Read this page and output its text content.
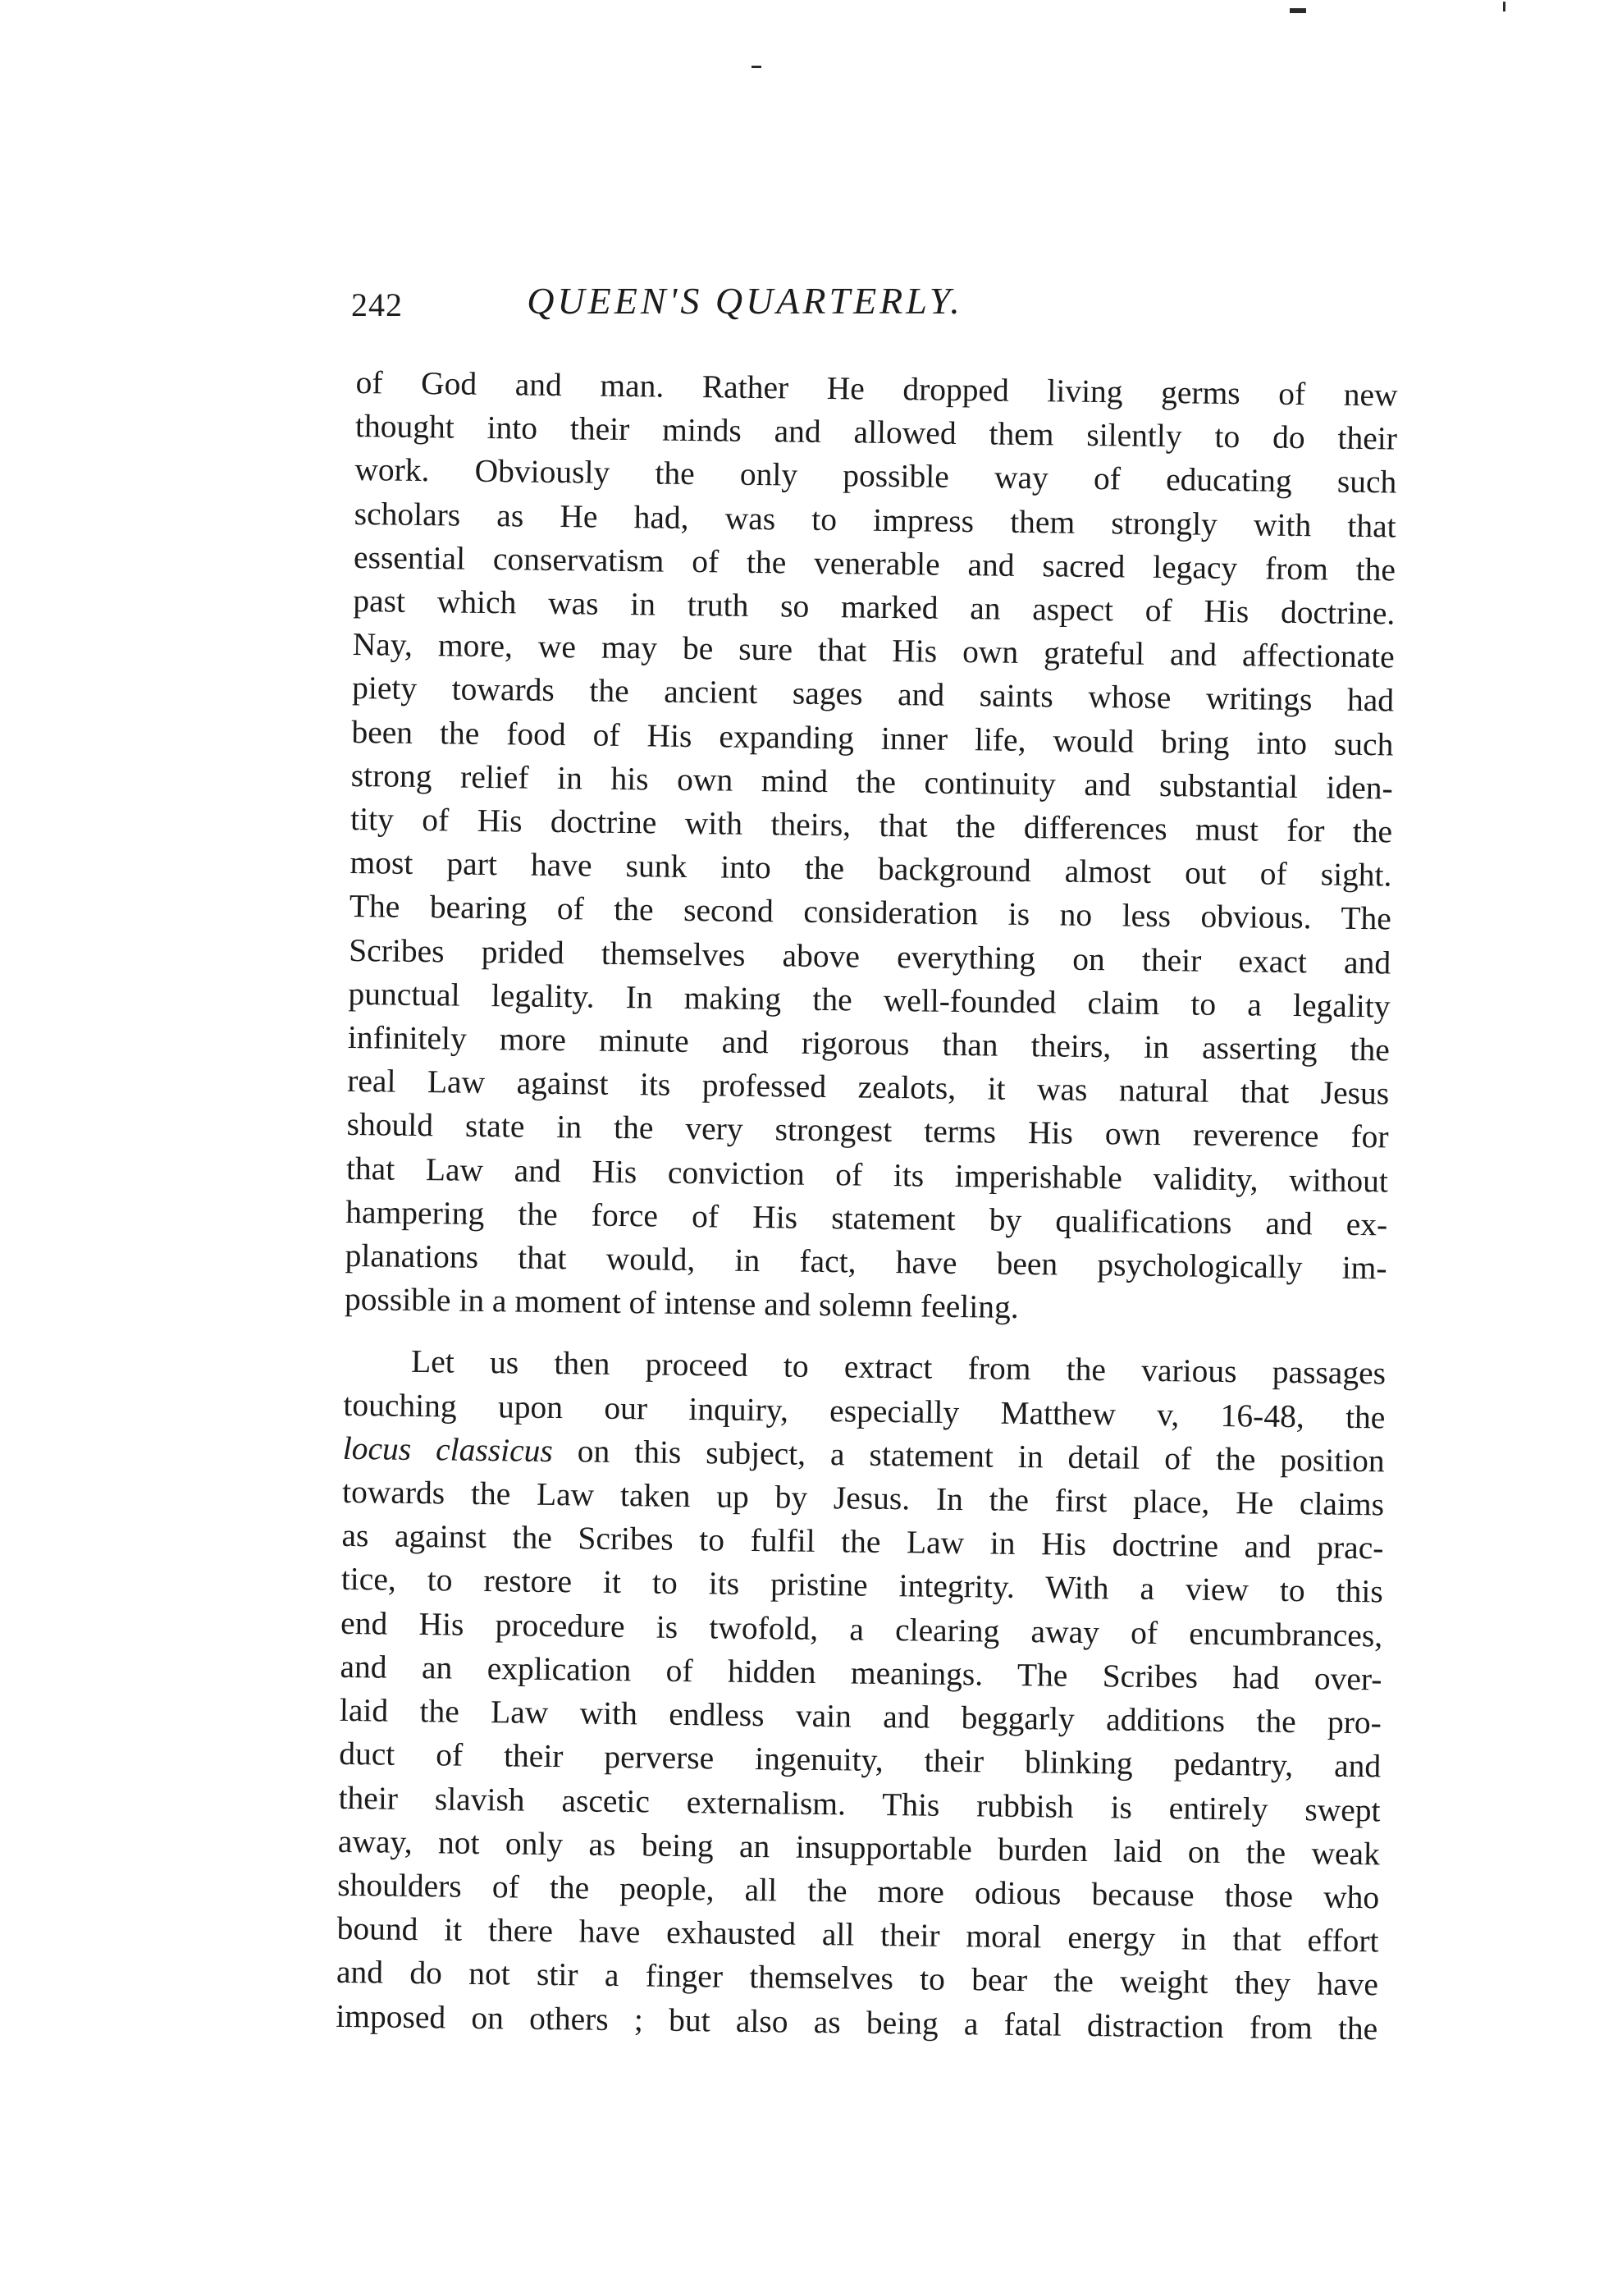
242	QUEEN'S QUARTERLY.

of God and man. Rather He dropped living germs of new
thought into their minds and allowed them silently to do their
work. Obviously the only possible way of educating such
scholars as He had, was to impress them strongly with that
essential conservatism of the venerable and sacred legacy from the
past which was in truth so marked an aspect of His doctrine.
Nay, more, we may be sure that His own grateful and affectionate
piety towards the ancient sages and saints whose writings had
been the food of His expanding inner life, would bring into such
strong relief in his own mind the continuity and substantial iden-
tity of His doctrine with theirs, that the differences must for the
most part have sunk into the background almost out of sight.
The bearing of the second consideration is no less obvious. The
Scribes prided themselves above everything on their exact and
punctual legality. In making the well-founded claim to a legality
infinitely more minute and rigorous than theirs, in asserting the
real Law against its professed zealots, it was natural that Jesus
should state in the very strongest terms His own reverence for
that Law and His conviction of its imperishable validity, without
hampering the force of His statement by qualifications and ex-
planations that would, in fact, have been psychologically im-
possible in a moment of intense and solemn feeling.

Let us then proceed to extract from the various passages
touching upon our inquiry, especially Matthew v, 16-48, the
locus classicus on this subject, a statement in detail of the position
towards the Law taken up by Jesus. In the first place, He claims
as against the Scribes to fulfil the Law in His doctrine and prac-
tice, to restore it to its pristine integrity. With a view to this
end His procedure is twofold, a clearing away of encumbrances,
and an explication of hidden meanings. The Scribes had over-
laid the Law with endless vain and beggarly additions the pro-
duct of their perverse ingenuity, their blinking pedantry, and
their slavish ascetic externalism. This rubbish is entirely swept
away, not only as being an insupportable burden laid on the weak
shoulders of the people, all the more odious because those who
bound it there have exhausted all their moral energy in that effort
and do not stir a finger themselves to bear the weight they have
imposed on others ; but also as being a fatal distraction from the
